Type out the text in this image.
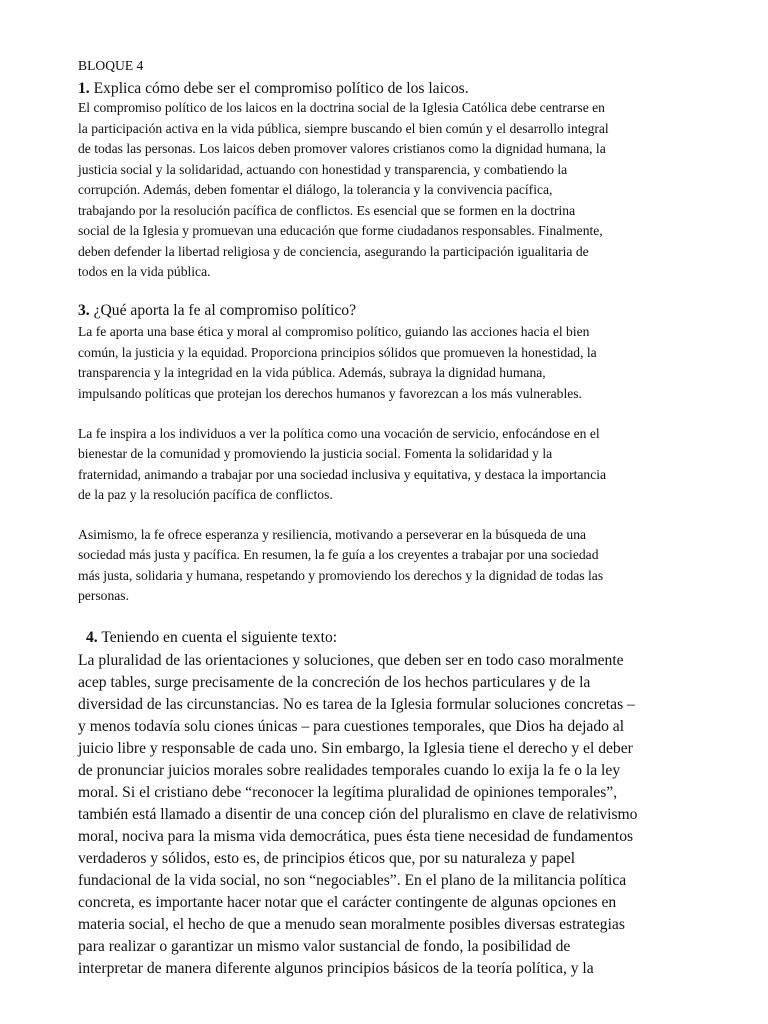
BLOQUE 4
1. Explica cómo debe ser el compromiso político de los laicos.
El compromiso político de los laicos en la doctrina social de la Iglesia Católica debe centrarse en
la participación activa en la vida pública, siempre buscando el bien común y el desarrollo integral
de todas las personas. Los laicos deben promover valores cristianos como la dignidad humana, la
justicia social y la solidaridad, actuando con honestidad y transparencia, y combatiendo la
corrupción. Además, deben fomentar el diálogo, la tolerancia y la convivencia pacífica,
trabajando por la resolución pacífica de conflictos. Es esencial que se formen en la doctrina
social de la Iglesia y promuevan una educación que forme ciudadanos responsables. Finalmente,
deben defender la libertad religiosa y de conciencia, asegurando la participación igualitaria de
todos en la vida pública.
3. ¿Qué aporta la fe al compromiso político?
La fe aporta una base ética y moral al compromiso político, guiando las acciones hacia el bien
común, la justicia y la equidad. Proporciona principios sólidos que promueven la honestidad, la
transparencia y la integridad en la vida pública. Además, subraya la dignidad humana,
impulsando políticas que protejan los derechos humanos y favorezcan a los más vulnerables.
La fe inspira a los individuos a ver la política como una vocación de servicio, enfocándose en el
bienestar de la comunidad y promoviendo la justicia social. Fomenta la solidaridad y la
fraternidad, animando a trabajar por una sociedad inclusiva y equitativa, y destaca la importancia
de la paz y la resolución pacífica de conflictos.
Asimismo, la fe ofrece esperanza y resiliencia, motivando a perseverar en la búsqueda de una
sociedad más justa y pacífica. En resumen, la fe guía a los creyentes a trabajar por una sociedad
más justa, solidaria y humana, respetando y promoviendo los derechos y la dignidad de todas las
personas.
4. Teniendo en cuenta el siguiente texto:
La pluralidad de las orientaciones y soluciones, que deben ser en todo caso moralmente
acep tables, surge precisamente de la concreción de los hechos particulares y de la
diversidad de las circunstancias. No es tarea de la Iglesia formular soluciones concretas –
y menos todavía solu ciones únicas – para cuestiones temporales, que Dios ha dejado al
juicio libre y responsable de cada uno. Sin embargo, la Iglesia tiene el derecho y el deber
de pronunciar juicios morales sobre realidades temporales cuando lo exija la fe o la ley
moral. Si el cristiano debe “reconocer la legítima pluralidad de opiniones temporales”,
también está llamado a disentir de una concep ción del pluralismo en clave de relativismo
moral, nociva para la misma vida democrática, pues ésta tiene necesidad de fundamentos
verdaderos y sólidos, esto es, de principios éticos que, por su naturaleza y papel
fundacional de la vida social, no son “negociables”. En el plano de la militancia política
concreta, es importante hacer notar que el carácter contingente de algunas opciones en
materia social, el hecho de que a menudo sean moralmente posibles diversas estrategias
para realizar o garantizar un mismo valor sustancial de fondo, la posibilidad de
interpretar de manera diferente algunos principios básicos de la teoría política, y la
